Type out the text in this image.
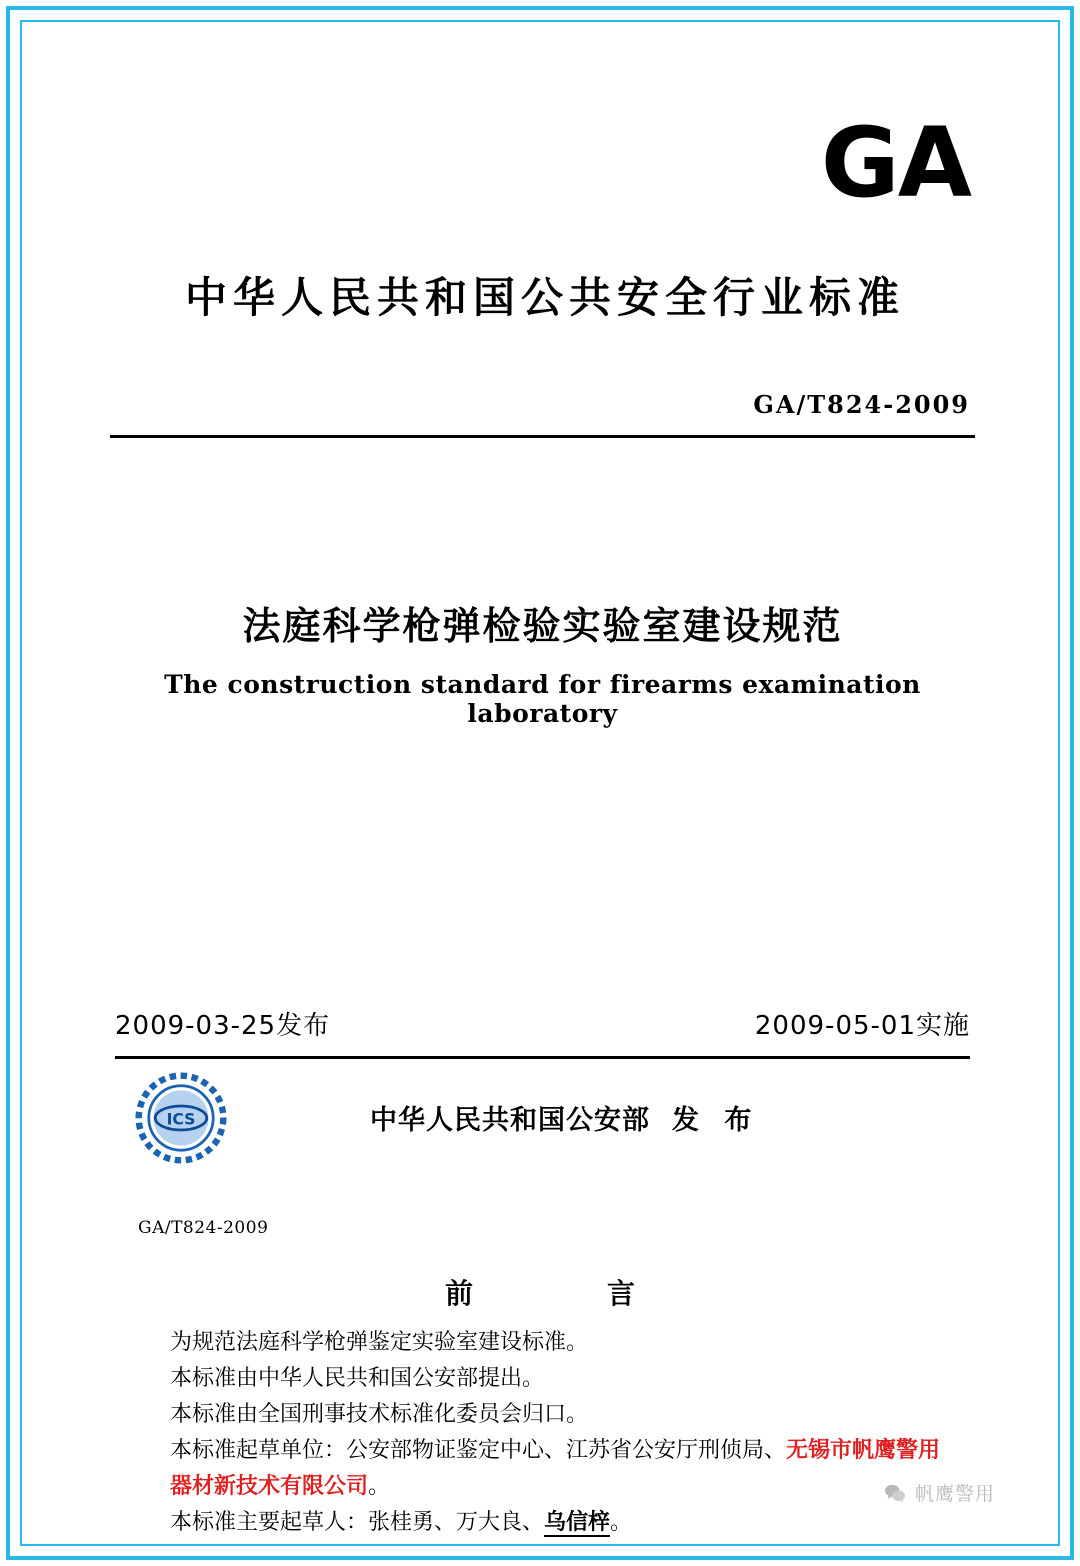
GA
中华人民共和国公共安全行业标准
GA/T824-2009
法庭科学枪弹检验实验室建设规范
The construction standard for firearms examination laboratory
2009-03-25发布	2009-05-01实施
ICS	中华人民共和国公安部 发 布
GA/T824-2009
前　　言

为规范法庭科学枪弹鉴定实验室建设标准。

本标准由中华人民共和国公安部提出。

本标准由全国刑事技术标准化委员会归口。

本标准起草单位：公安部物证鉴定中心、江苏省公安厅刑侦局、无锡市帆鹰警用器材新技术有限公司。

本标准主要起草人：张桂勇、万大良、乌信梓。

帆鹰警用
